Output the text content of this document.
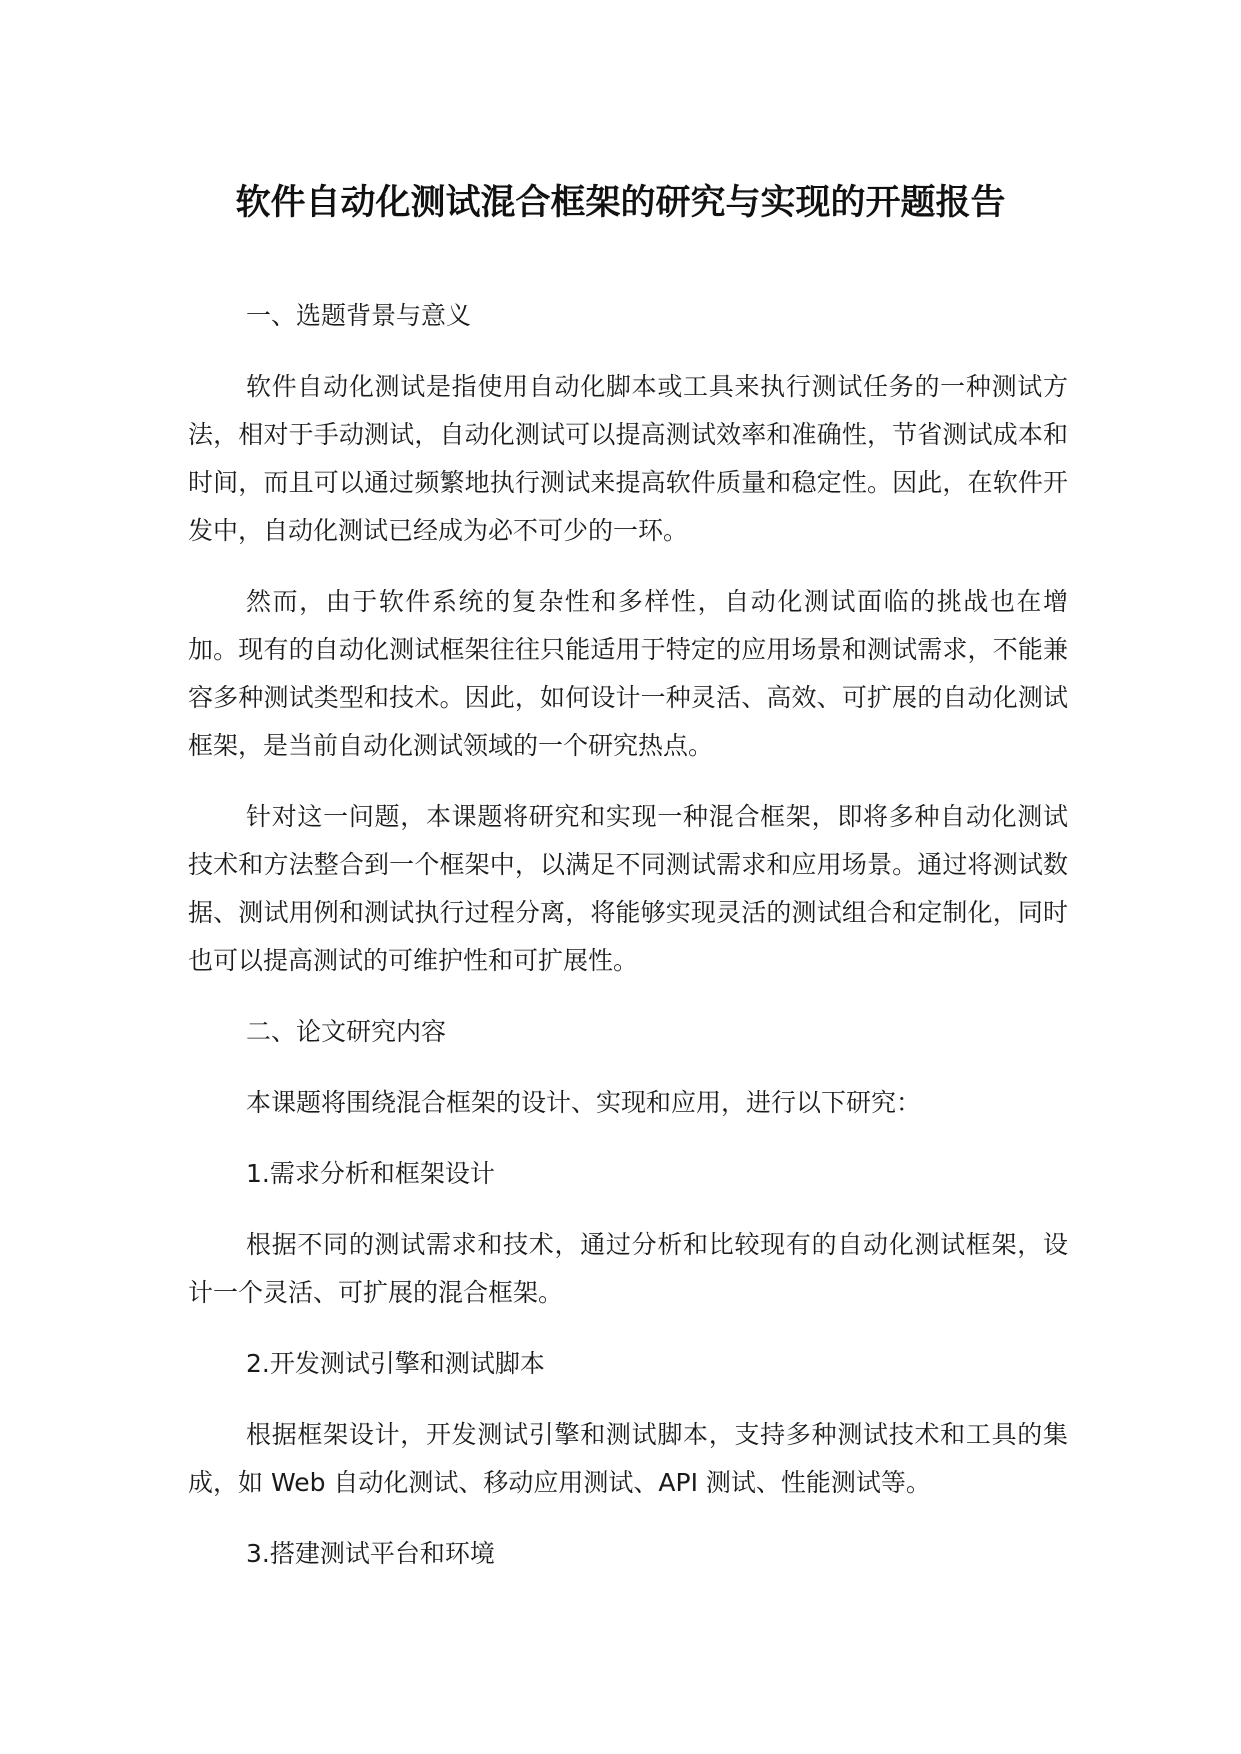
软件自动化测试混合框架的研究与实现的开题报告

一、选题背景与意义

软件自动化测试是指使用自动化脚本或工具来执行测试任务的一种测试方法，相对于手动测试，自动化测试可以提高测试效率和准确性，节省测试成本和时间，而且可以通过频繁地执行测试来提高软件质量和稳定性。因此，在软件开发中，自动化测试已经成为必不可少的一环。

然而，由于软件系统的复杂性和多样性，自动化测试面临的挑战也在增加。现有的自动化测试框架往往只能适用于特定的应用场景和测试需求，不能兼容多种测试类型和技术。因此，如何设计一种灵活、高效、可扩展的自动化测试框架，是当前自动化测试领域的一个研究热点。

针对这一问题，本课题将研究和实现一种混合框架，即将多种自动化测试技术和方法整合到一个框架中，以满足不同测试需求和应用场景。通过将测试数据、测试用例和测试执行过程分离，将能够实现灵活的测试组合和定制化，同时也可以提高测试的可维护性和可扩展性。

二、论文研究内容

本课题将围绕混合框架的设计、实现和应用，进行以下研究：

1.需求分析和框架设计

根据不同的测试需求和技术，通过分析和比较现有的自动化测试框架，设计一个灵活、可扩展的混合框架。

2.开发测试引擎和测试脚本

根据框架设计，开发测试引擎和测试脚本，支持多种测试技术和工具的集成，如 Web 自动化测试、移动应用测试、API 测试、性能测试等。

3.搭建测试平台和环境
